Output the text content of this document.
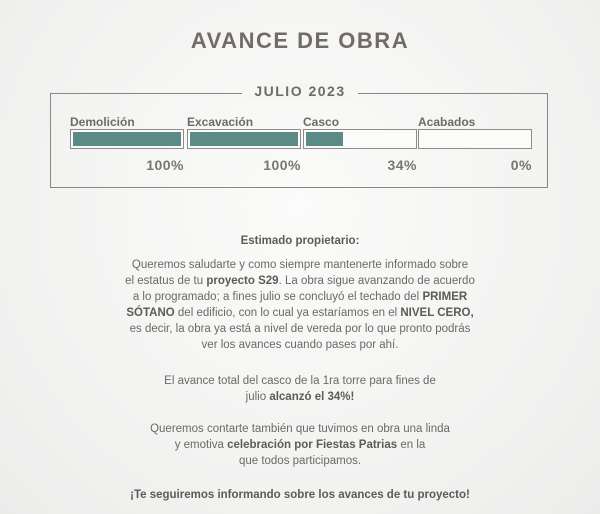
AVANCE DE OBRA
JULIO 2023
Demolición
100%
Excavación
100%
Casco
34%
Acabados
0%
Estimado propietario:
Queremos saludarte y como siempre mantenerte informado sobre
el estatus de tu proyecto S29. La obra sigue avanzando de acuerdo
a lo programado; a fines julio se concluyó el techado del PRIMER
SÓTANO del edificio, con lo cual ya estaríamos en el NIVEL CERO,
es decir, la obra ya está a nivel de vereda por lo que pronto podrás
ver los avances cuando pases por ahí.
El avance total del casco de la 1ra torre para fines de
julio alcanzó el 34%!
Queremos contarte también que tuvimos en obra una linda
y emotiva celebración por Fiestas Patrias en la
que todos participamos.
¡Te seguiremos informando sobre los avances de tu proyecto!
